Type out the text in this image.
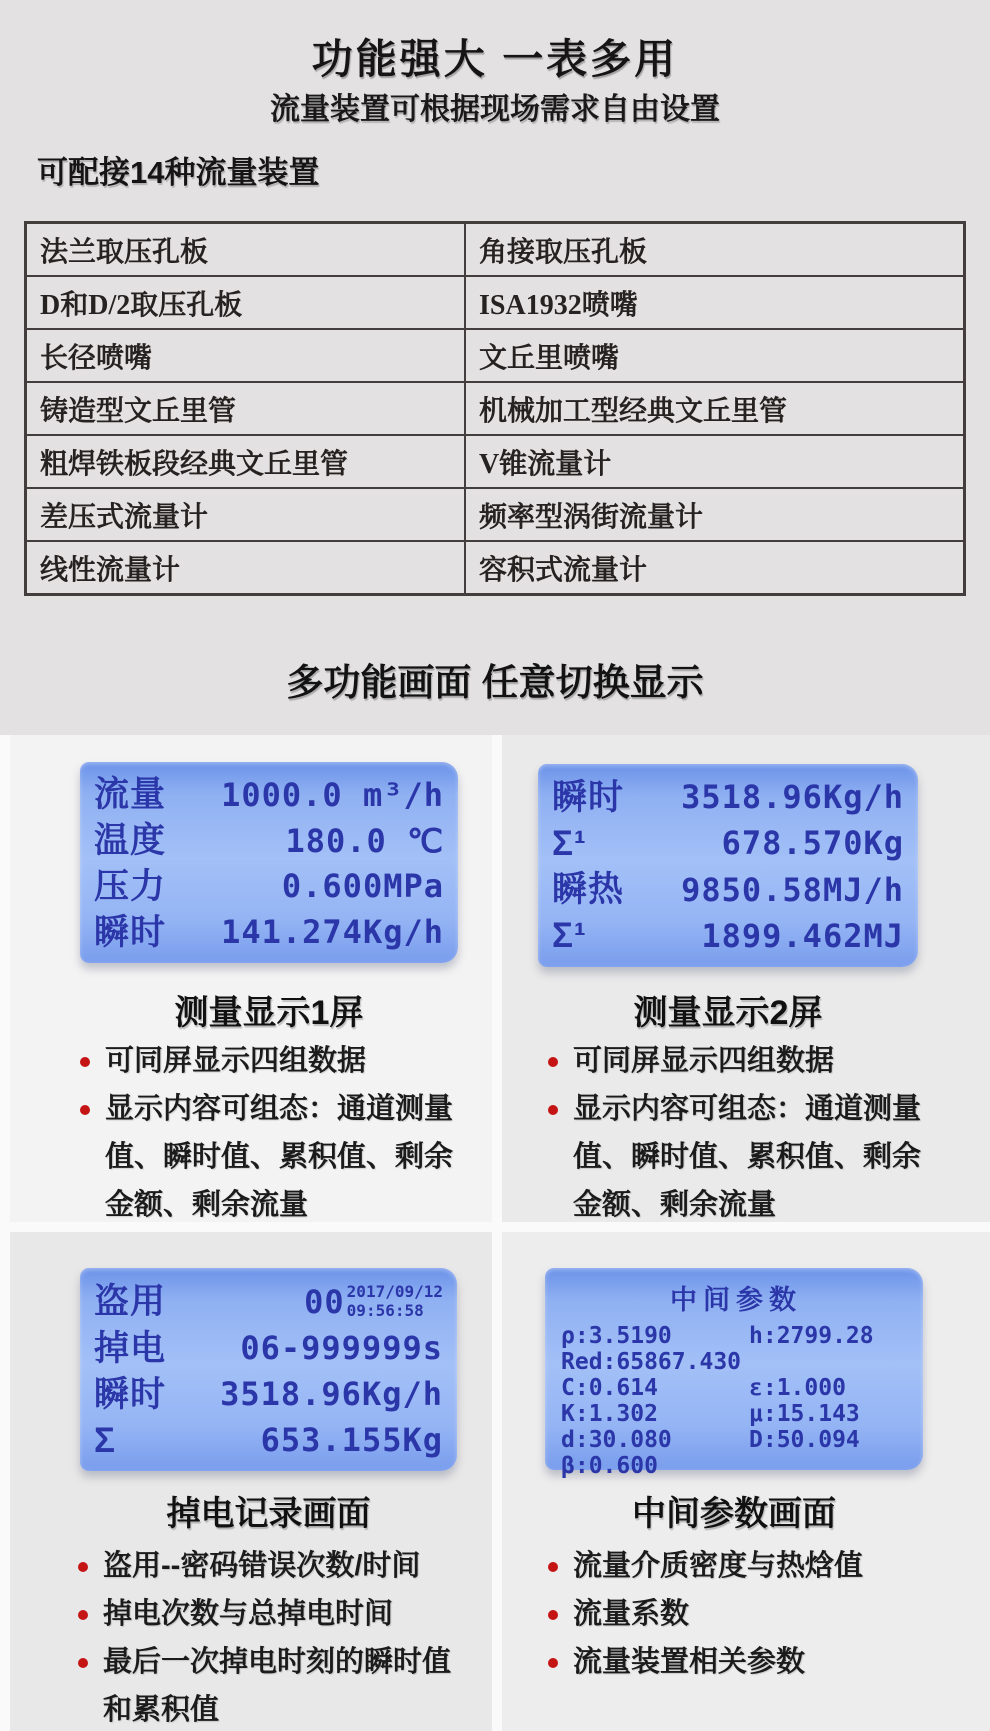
功能强大 一表多用

流量装置可根据现场需求自由设置

可配接14种流量装置
法兰取压孔板	角接取压孔板
D和D/2取压孔板	ISA1932喷嘴
长径喷嘴	文丘里喷嘴
铸造型文丘里管	机械加工型经典文丘里管
粗焊铁板段经典文丘里管	V锥流量计
差压式流量计	频率型涡街流量计
线性流量计	容积式流量计
多功能画面 任意切换显示
流量 1000.0 m³/h
温度	180.0 ℃
压力	0.600MPa
瞬时 141.274Kg/h
测量显示1屏
可同屏显示四组数据
显示内容可组态：通道测量
值、瞬时值、累积值、剩余
金额、剩余流量
瞬时 3518.96Kg/h
Σ¹	678.570Kg
瞬热 9850.58MJ/h
Σ¹	1899.462MJ
测量显示2屏
可同屏显示四组数据
显示内容可组态：通道测量
值、瞬时值、累积值、剩余
金额、剩余流量
盗用	00 2017/09/12
09:56:58
掉电 06-999999s
瞬时 3518.96Kg/h
Σ	653.155Kg
掉电记录画面
盗用--密码错误次数/时间
掉电次数与总掉电时间
最后一次掉电时刻的瞬时值
和累积值
中间参数
ρ:3.5190	h:2799.28
Red:65867.430
C:0.614	ε:1.000
K:1.302	μ:15.143
d:30.080	D:50.094
β:0.600
中间参数画面
流量介质密度与热焓值
流量系数
流量装置相关参数
